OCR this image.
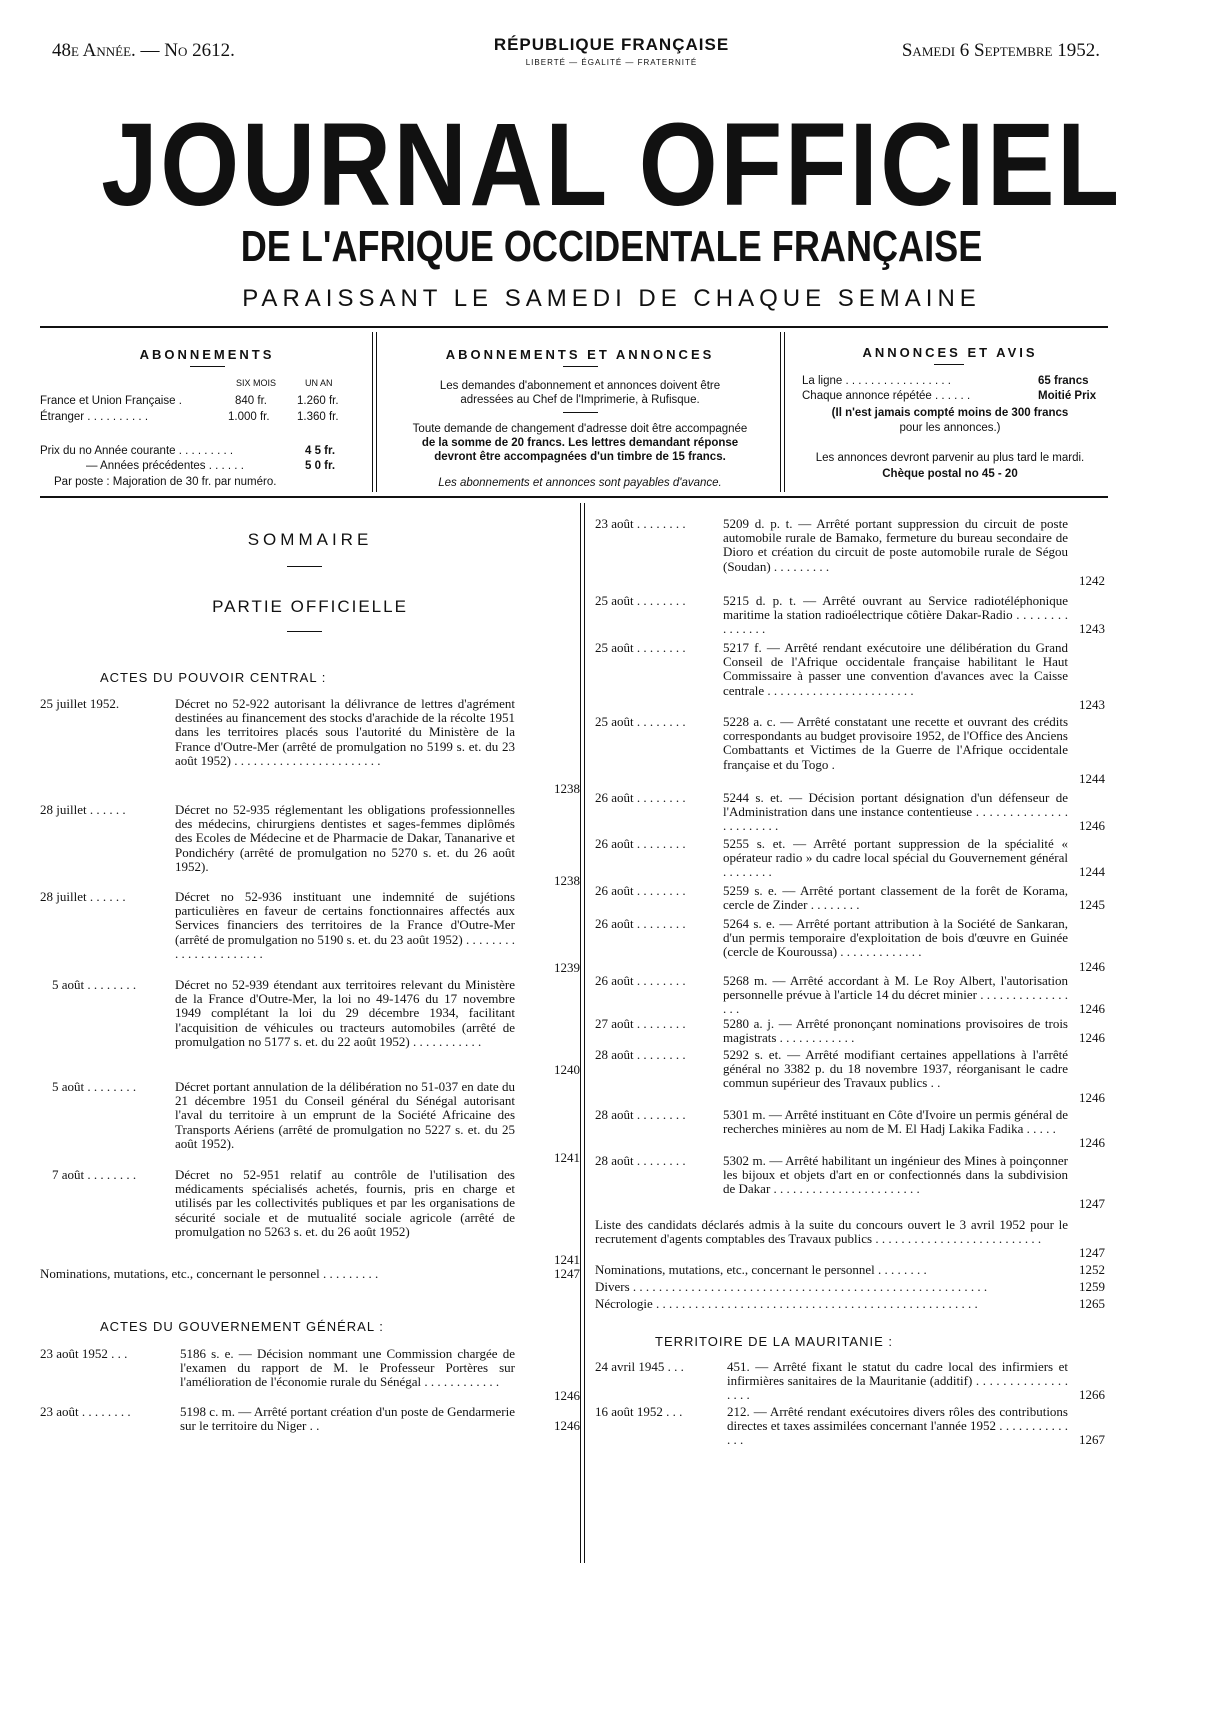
48e Année. — No 2612.	RÉPUBLIQUE FRANÇAISE
LIBERTÉ — ÉGALITÉ — FRATERNITÉ
Samedi 6 Septembre 1952.
JOURNAL OFFICIEL
DE L'AFRIQUE OCCIDENTALE FRANÇAISE
PARAISSANT LE SAMEDI DE CHAQUE SEMAINE
ABONNEMENTS
SIX MOIS	UN AN
France et Union Française .	840 fr.	1.260 fr.
Étranger . . . . . . . . . .	1.000 fr. 1.360 fr.
Prix du no Année courante . . . . . . . . .	4 5 fr.
— Années précédentes . . . . . .	5 0 fr.
Par poste : Majoration de 30 fr. par numéro.
ABONNEMENTS ET ANNONCES
Les demandes d'abonnement et annonces doivent être
adressées au Chef de l'Imprimerie, à Rufisque.
Toute demande de changement d'adresse doit être accompagnée
de la somme de 20 francs. Les lettres demandant réponse
devront être accompagnées d'un timbre de 15 francs.
Les abonnements et annonces sont payables d'avance.
ANNONCES ET AVIS
La ligne . . . . . . . . . . . . . . . . .	65 francs
Chaque annonce répétée . . . . . .	Moitié Prix
(Il n'est jamais compté moins de 300 francs
pour les annonces.)
Les annonces devront parvenir au plus tard le mardi.
Chèque postal no 45 - 20
SOMMAIRE
PARTIE OFFICIELLE
ACTES DU POUVOIR CENTRAL :
25 juillet 1952.	Décret no 52-922 autorisant la délivrance de lettres d'agrément destinées au financement des stocks d'arachide de la récolte 1951 dans les territoires placés sous l'autorité du Ministère de la France d'Outre-Mer (arrêté de promulgation no 5199 s. et. du 23 août 1952) . . . . . . . . . . . . . . . . . . . . . . .
1238
28 juillet . . . . . .	Décret no 52-935 réglementant les obligations professionnelles des médecins, chirurgiens dentistes et sages-femmes diplômés des Ecoles de Médecine et de Pharmacie de Dakar, Tananarive et Pondichéry (arrêté de promulgation no 5270 s. et. du 26 août 1952).
1238
28 juillet . . . . . .	Décret no 52-936 instituant une indemnité de sujétions particulières en faveur de certains fonctionnaires affectés aux Services financiers des territoires de la France d'Outre-Mer (arrêté de promulgation no 5190 s. et. du 23 août 1952) . . . . . . . . . . . . . . . . . . . . . .
1239
5 août . . . . . . . .	Décret no 52-939 étendant aux territoires relevant du Ministère de la France d'Outre-Mer, la loi no 49-1476 du 17 novembre 1949 complétant la loi du 29 décembre 1934, facilitant l'acquisition de véhicules ou tracteurs automobiles (arrêté de promulgation no 5177 s. et. du 22 août 1952) . . . . . . . . . . .
1240
5 août . . . . . . . .	Décret portant annulation de la délibération no 51-037 en date du 21 décembre 1951 du Conseil général du Sénégal autorisant l'aval du territoire à un emprunt de la Société Africaine des Transports Aériens (arrêté de promulgation no 5227 s. et. du 25 août 1952).
1241
7 août . . . . . . . .	Décret no 52-951 relatif au contrôle de l'utilisation des médicaments spécialisés achetés, fournis, pris en charge et utilisés par les collectivités publiques et par les organisations de sécurité sociale et de mutualité sociale agricole (arrêté de promulgation no 5263 s. et. du 26 août 1952)
1241
Nominations, mutations, etc., concernant le personnel . . . . . . . . .	1247
ACTES DU GOUVERNEMENT GÉNÉRAL :
23 août 1952 . . .	5186 s. e. — Décision nommant une Commission chargée de l'examen du rapport de M. le Professeur Portères sur l'amélioration de l'économie rurale du Sénégal . . . . . . . . . . . .
1246
23 août . . . . . . . .	5198 c. m. — Arrêté portant création d'un poste de Gendarmerie sur le territoire du Niger . .	1246
23 août . . . . . . . .	5209 d. p. t. — Arrêté portant suppression du circuit de poste automobile rurale de Bamako, fermeture du bureau secondaire de Dioro et création du circuit de poste automobile rurale de Ségou (Soudan) . . . . . . . . .
1242
25 août . . . . . . . .	5215 d. p. t. — Arrêté ouvrant au Service radiotéléphonique maritime la station radioélectrique côtière Dakar-Radio . . . . . . . . . . . . . . .	1243
25 août . . . . . . . .	5217 f. — Arrêté rendant exécutoire une délibération du Grand Conseil de l'Afrique occidentale française habilitant le Haut Commissaire à passer une convention d'avances avec la Caisse centrale . . . . . . . . . . . . . . . . . . . . . . .
1243
25 août . . . . . . . .	5228 a. c. — Arrêté constatant une recette et ouvrant des crédits correspondants au budget provisoire 1952, de l'Office des Anciens Combattants et Victimes de la Guerre de l'Afrique occidentale française et du Togo .
1244
26 août . . . . . . . .	5244 s. et. — Décision portant désignation d'un défenseur de l'Administration dans une instance contentieuse . . . . . . . . . . . . . . . . . . . . . . .	1246
26 août . . . . . . . .	5255 s. et. — Arrêté portant suppression de la spécialité « opérateur radio » du cadre local spécial du Gouvernement général . . . . . . . .	1244
26 août . . . . . . . .	5259 s. e. — Arrêté portant classement de la forêt de Korama, cercle de Zinder . . . . . . . .	1245
26 août . . . . . . . .	5264 s. e. — Arrêté portant attribution à la Société de Sankaran, d'un permis temporaire d'exploitation de bois d'œuvre en Guinée (cercle de Kouroussa) . . . . . . . . . . . . .
1246
26 août . . . . . . . .	5268 m. — Arrêté accordant à M. Le Roy Albert, l'autorisation personnelle prévue à l'article 14 du décret minier . . . . . . . . . . . . . . . . .	1246
27 août . . . . . . . .	5280 a. j. — Arrêté prononçant nominations provisoires de trois magistrats . . . . . . . . . . . .	1246
28 août . . . . . . . .	5292 s. et. — Arrêté modifiant certaines appellations à l'arrêté général no 3382 p. du 18 novembre 1937, réorganisant le cadre commun supérieur des Travaux publics . .
1246
28 août . . . . . . . .	5301 m. — Arrêté instituant en Côte d'Ivoire un permis général de recherches minières au nom de M. El Hadj Lakika Fadika . . . . .
1246
28 août . . . . . . . .	5302 m. — Arrêté habilitant un ingénieur des Mines à poinçonner les bijoux et objets d'art en or confectionnés dans la subdivision de Dakar . . . . . . . . . . . . . . . . . . . . . . .
1247
Liste des candidats déclarés admis à la suite du concours ouvert le 3 avril 1952 pour le recrutement d'agents comptables des Travaux publics . . . . . . . . . . . . . . . . . . . . . . . . . .
1247
Nominations, mutations, etc., concernant le personnel . . . . . . . .	1252
Divers . . . . . . . . . . . . . . . . . . . . . . . . . . . . . . . . . . . . . . . . . . . . . . . . . . . . . . .	1259
Nécrologie . . . . . . . . . . . . . . . . . . . . . . . . . . . . . . . . . . . . . . . . . . . . . . . . . .	1265
TERRITOIRE DE LA MAURITANIE :
24 avril 1945 . . .	451. — Arrêté fixant le statut du cadre local des infirmiers et infirmières sanitaires de la Mauritanie (additif) . . . . . . . . . . . . . . . . . .	1266
16 août 1952 . . .	212. — Arrêté rendant exécutoires divers rôles des contributions directes et taxes assimilées concernant l'année 1952 . . . . . . . . . . . . . .	1267
